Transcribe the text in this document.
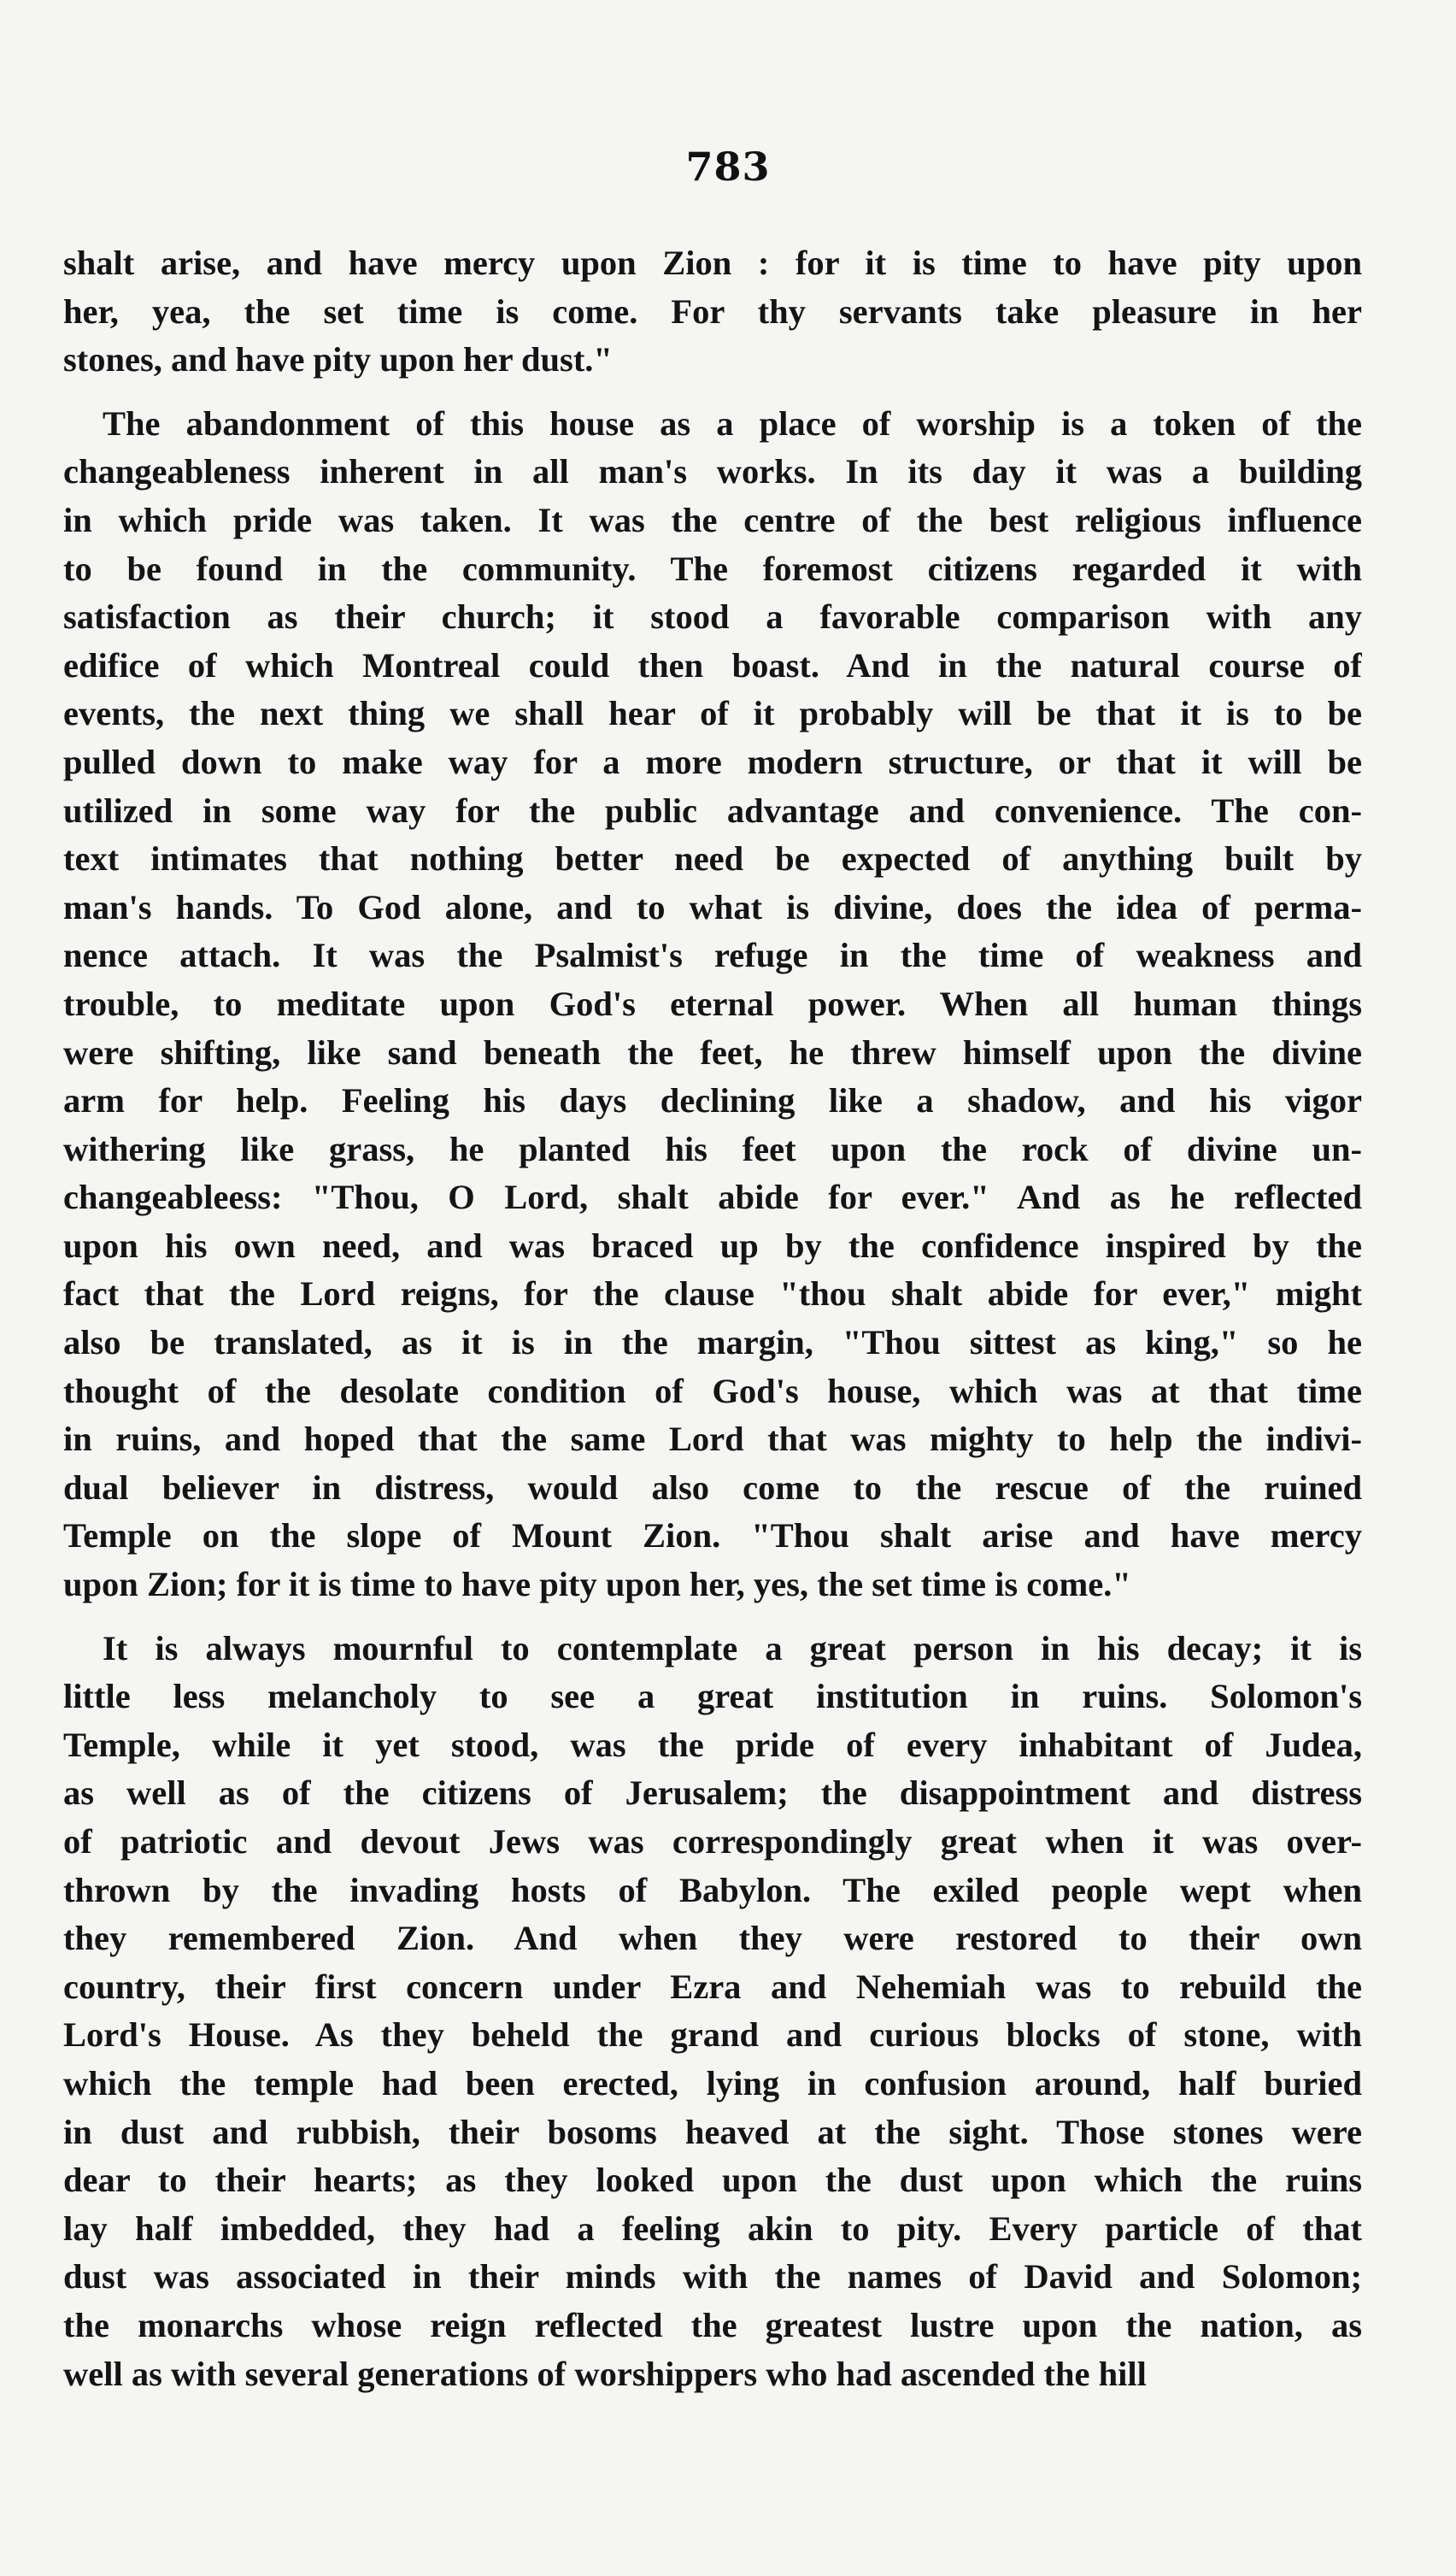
783
shalt arise, and have mercy upon Zion : for it is time to have pity upon
her, yea, the set time is come. For thy servants take pleasure in her
stones, and have pity upon her dust."
The abandonment of this house as a place of worship is a token of the
changeableness inherent in all man's works. In its day it was a building
in which pride was taken. It was the centre of the best religious influence
to be found in the community. The foremost citizens regarded it with
satisfaction as their church; it stood a favorable comparison with any
edifice of which Montreal could then boast. And in the natural course of
events, the next thing we shall hear of it probably will be that it is to be
pulled down to make way for a more modern structure, or that it will be
utilized in some way for the public advantage and convenience. The con-
text intimates that nothing better need be expected of anything built by
man's hands. To God alone, and to what is divine, does the idea of perma-
nence attach. It was the Psalmist's refuge in the time of weakness and
trouble, to meditate upon God's eternal power. When all human things
were shifting, like sand beneath the feet, he threw himself upon the divine
arm for help. Feeling his days declining like a shadow, and his vigor
withering like grass, he planted his feet upon the rock of divine un-
changeableess: "Thou, O Lord, shalt abide for ever." And as he reflected
upon his own need, and was braced up by the confidence inspired by the
fact that the Lord reigns, for the clause "thou shalt abide for ever," might
also be translated, as it is in the margin, "Thou sittest as king," so he
thought of the desolate condition of God's house, which was at that time
in ruins, and hoped that the same Lord that was mighty to help the indivi-
dual believer in distress, would also come to the rescue of the ruined
Temple on the slope of Mount Zion. "Thou shalt arise and have mercy
upon Zion; for it is time to have pity upon her, yes, the set time is come."
It is always mournful to contemplate a great person in his decay; it is
little less melancholy to see a great institution in ruins. Solomon's
Temple, while it yet stood, was the pride of every inhabitant of Judea,
as well as of the citizens of Jerusalem; the disappointment and distress
of patriotic and devout Jews was correspondingly great when it was over-
thrown by the invading hosts of Babylon. The exiled people wept when
they remembered Zion. And when they were restored to their own
country, their first concern under Ezra and Nehemiah was to rebuild the
Lord's House. As they beheld the grand and curious blocks of stone, with
which the temple had been erected, lying in confusion around, half buried
in dust and rubbish, their bosoms heaved at the sight. Those stones were
dear to their hearts; as they looked upon the dust upon which the ruins
lay half imbedded, they had a feeling akin to pity. Every particle of that
dust was associated in their minds with the names of David and Solomon;
the monarchs whose reign reflected the greatest lustre upon the nation, as
well as with several generations of worshippers who had ascended the hill
